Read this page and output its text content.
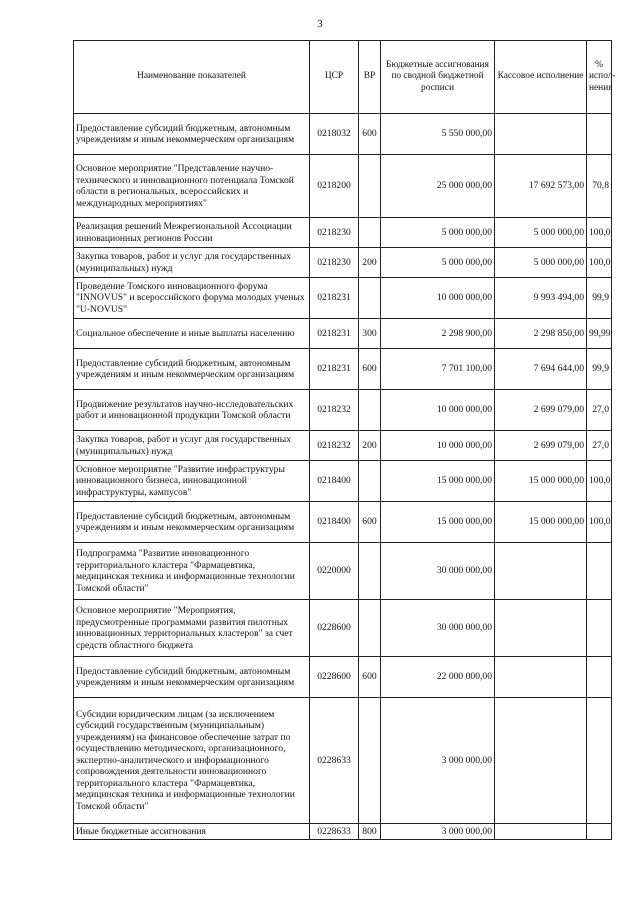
3
Наименование показателей	ЦСР	ВР	Бюджетные ассигнования по сводной бюджетной росписи	Кассовое исполнение	% испол-нения
Предоставление субсидий бюджетным, автономным учреждениям и иным некоммерческим организациям	0218032	600	5 550 000,00		
Основное мероприятие "Представление научно-технического и инновационного потенциала Томской области в региональных, всероссийских и международных мероприятиях"	0218200		25 000 000,00	17 692 573,00	70,8
Реализация решений Межрегиональной Ассоциации инновационных регионов России	0218230		5 000 000,00	5 000 000,00	100,0
Закупка товаров, работ и услуг для государственных (муниципальных) нужд	0218230	200	5 000 000,00	5 000 000,00	100,0
Проведение Томского инновационного форума "INNOVUS" и всероссийского форума молодых ученых "U-NOVUS"	0218231		10 000 000,00	9 993 494,00	99,9
Социальное обеспечение и иные выплаты населению	0218231	300	2 298 900,00	2 298 850,00	99,99
Предоставление субсидий бюджетным, автономным учреждениям и иным некоммерческим организациям	0218231	600	7 701 100,00	7 694 644,00	99,9
Продвижение результатов научно-исследовательских работ и инновационной продукции Томской области	0218232		10 000 000,00	2 699 079,00	27,0
Закупка товаров, работ и услуг для государственных (муниципальных) нужд	0218232	200	10 000 000,00	2 699 079,00	27,0
Основное мероприятие "Развитие инфраструктуры инновационного бизнеса, инновационной инфраструктуры, кампусов"	0218400		15 000 000,00	15 000 000,00	100,0
Предоставление субсидий бюджетным, автономным учреждениям и иным некоммерческим организациям	0218400	600	15 000 000,00	15 000 000,00	100,0
Подпрограмма "Развитие инновационного территориального кластера "Фармацевтика, медицинская техника и информационные технологии Томской области"	0220000		30 000 000,00		
Основное мероприятие "Мероприятия, предусмотренные программами развития пилотных инновационных территориальных кластеров" за счет средств областного бюджета	0228600		30 000 000,00		
Предоставление субсидий бюджетным, автономным учреждениям и иным некоммерческим организациям	0228600	600	22 000 000,00		
Субсидии юридическим лицам (за исключением субсидий государственным (муниципальным) учреждениям) на финансовое обеспечение затрат по осуществлению методического, организационного, экспертно-аналитического и информационного сопровождения деятельности инновационного территориального кластера "Фармацевтика, медицинская техника и информационные технологии Томской области"	0228633		3 000 000,00		
Иные бюджетные ассигнования	0228633	800	3 000 000,00		
